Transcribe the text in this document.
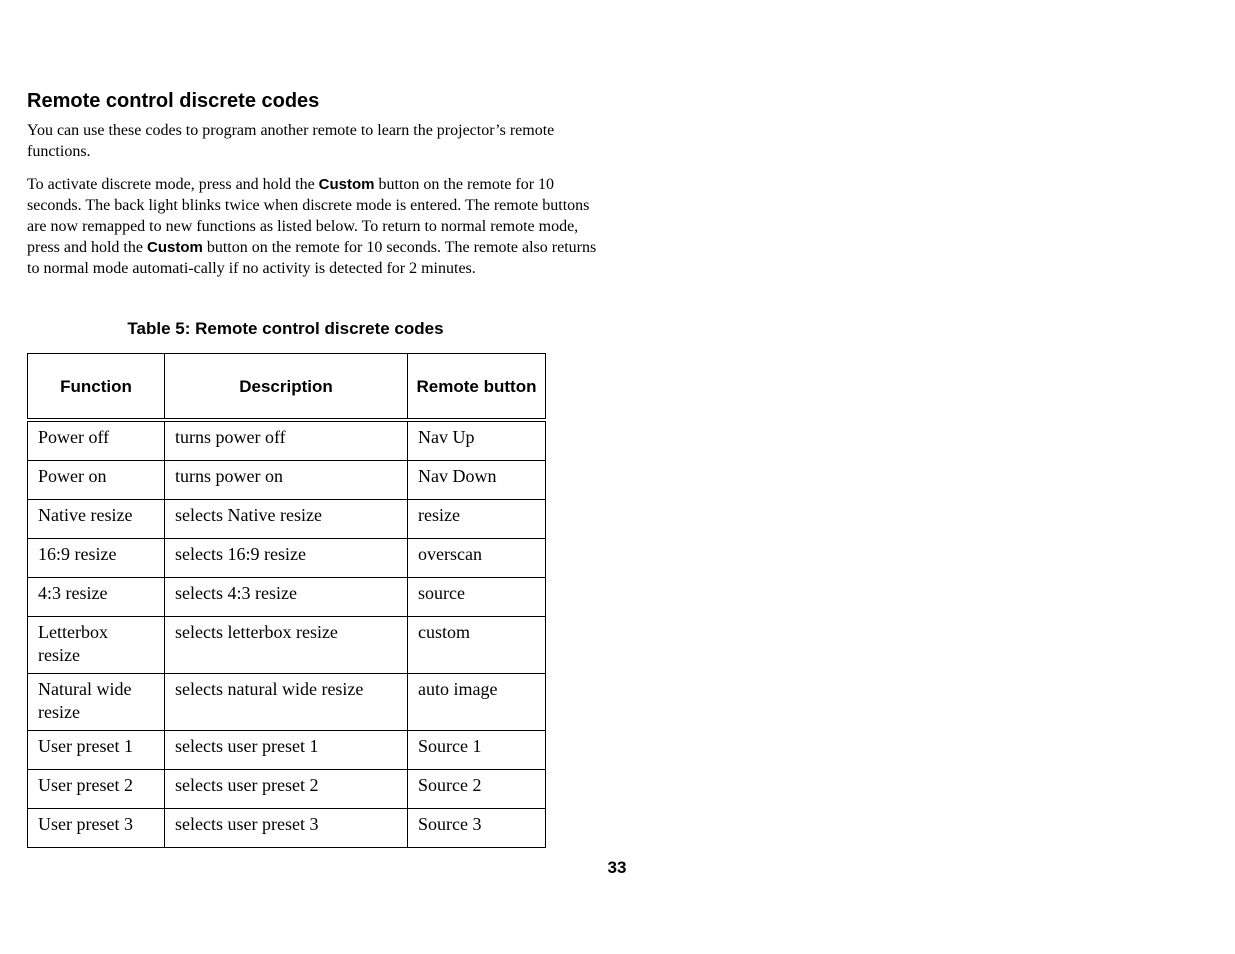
Remote control discrete codes

You can use these codes to program another remote to learn the projector’s remote functions.

To activate discrete mode, press and hold the Custom button on the remote for 10 seconds. The back light blinks twice when discrete mode is entered. The remote buttons are now remapped to new functions as listed below. To return to normal remote mode, press and hold the Custom button on the remote for 10 seconds. The remote also returns to normal mode automati-cally if no activity is detected for 2 minutes.

Table 5: Remote control discrete codes

Function	Description	Remote button
Power off	turns power off	Nav Up
Power on	turns power on	Nav Down
Native resize	selects Native resize	resize
16:9 resize	selects 16:9 resize	overscan
4:3 resize	selects 4:3 resize	source
Letterbox resize	selects letterbox resize	custom
Natural wide resize	selects natural wide resize	auto image
User preset 1	selects user preset 1	Source 1
User preset 2	selects user preset 2	Source 2
User preset 3	selects user preset 3	Source 3

33
